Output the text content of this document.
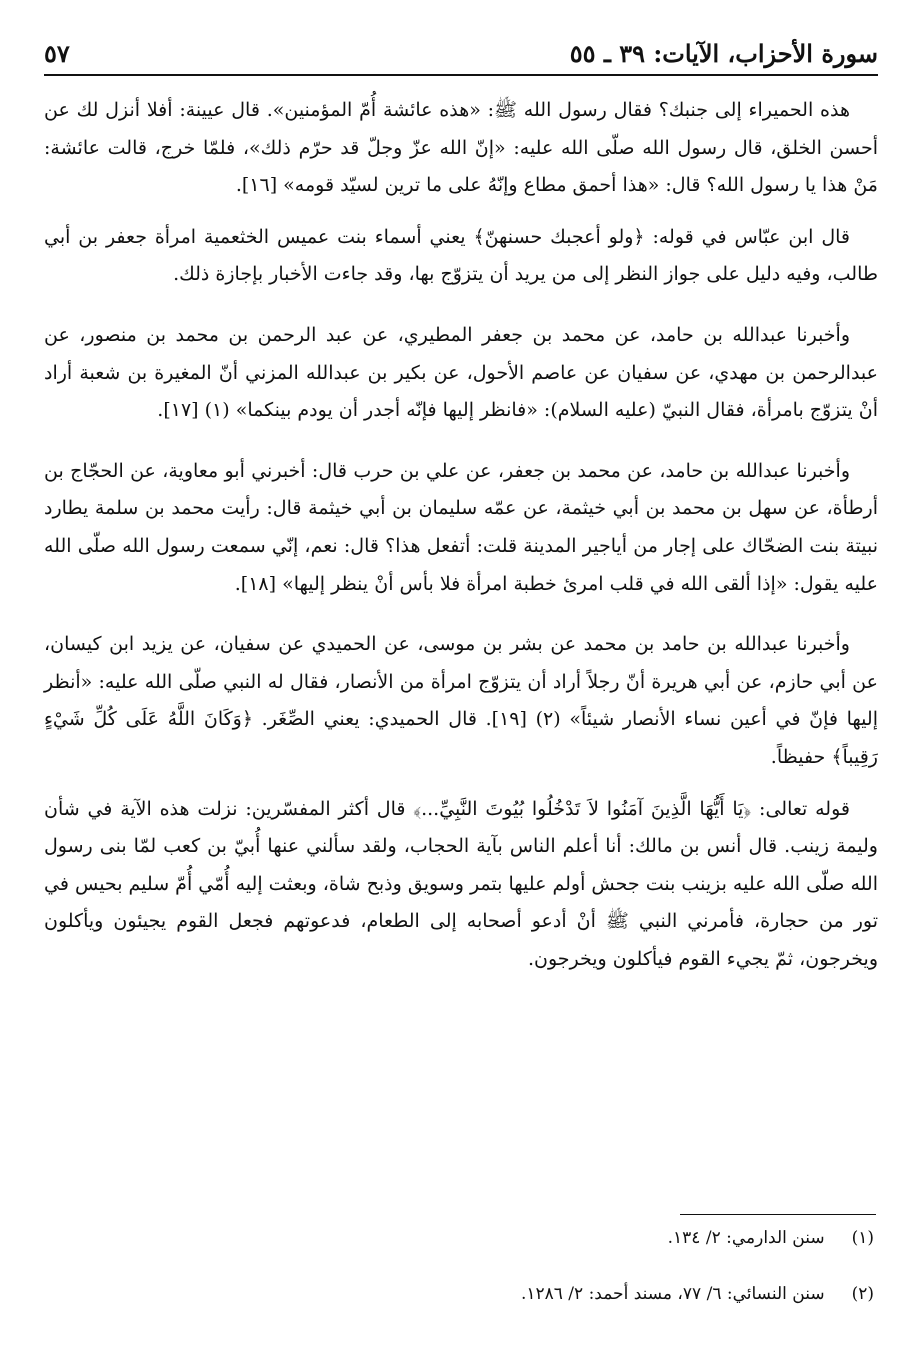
سورة الأحزاب، الآيات: ٣٩ ـ ٥٥
٥٧

هذه الحميراء إلى جنبك؟ فقال رسول الله ﷺ: «هذه عائشة أُمّ المؤمنين». قال عيينة: أفلا أنزل لك عن أحسن الخلق، قال رسول الله صلّى الله عليه: «إنّ الله عزّ وجلّ قد حرّم ذلك»، فلمّا خرج، قالت عائشة: مَنْ هذا يا رسول الله؟ قال: «هذا أحمق مطاع وإنّهُ على ما ترين لسيّد قومه» [١٦].

قال ابن عبّاس في قوله: ﴿ولو أعجبك حسنهنّ﴾ يعني أسماء بنت عميس الخثعمية امرأة جعفر بن أبي طالب، وفيه دليل على جواز النظر إلى من يريد أن يتزوّج بها، وقد جاءت الأخبار بإجازة ذلك.

وأخبرنا عبدالله بن حامد، عن محمد بن جعفر المطيري، عن عبد الرحمن بن محمد بن منصور، عن عبدالرحمن بن مهدي، عن سفيان عن عاصم الأحول، عن بكير بن عبدالله المزني أنّ المغيرة بن شعبة أراد أنْ يتزوّج بامرأة، فقال النبيّ (عليه السلام): «فانظر إليها فإنّه أجدر أن يودم بينكما» (١) [١٧].

وأخبرنا عبدالله بن حامد، عن محمد بن جعفر، عن علي بن حرب قال: أخبرني أبو معاوية، عن الحجّاج بن أرطأة، عن سهل بن محمد بن أبي خيثمة، عن عمّه سليمان بن أبي خيثمة قال: رأيت محمد بن سلمة يطارد نبيتة بنت الضحّاك على إجار من أياجير المدينة قلت: أتفعل هذا؟ قال: نعم، إنّي سمعت رسول الله صلّى الله عليه يقول: «إذا ألقى الله في قلب امرئ خطبة امرأة فلا بأس أنْ ينظر إليها» [١٨].

وأخبرنا عبدالله بن حامد بن محمد عن بشر بن موسى، عن الحميدي عن سفيان، عن يزيد ابن كيسان، عن أبي حازم، عن أبي هريرة أنّ رجلاً أراد أن يتزوّج امرأة من الأنصار، فقال له النبي صلّى الله عليه: «أنظر إليها فإنّ في أعين نساء الأنصار شيئاً» (٢) [١٩]. قال الحميدي: يعني الصِّغَر. ﴿وَكَانَ اللَّهُ عَلَى كُلِّ شَيْءٍ رَقِيباً﴾ حفيظاً.

قوله تعالى: ﴿يَا أَيُّهَا الَّذِينَ آمَنُوا لاَ تَدْخُلُوا بُيُوتَ النَّبِيِّ...﴾ قال أكثر المفسّرين: نزلت هذه الآية في شأن وليمة زينب. قال أنس بن مالك: أنا أعلم الناس بآية الحجاب، ولقد سألني عنها أُبيّ بن كعب لمّا بنى رسول الله صلّى الله عليه بزينب بنت جحش أولم عليها بتمر وسويق وذبح شاة، وبعثت إليه أُمّي أُمّ سليم بحيس في تور من حجارة، فأمرني النبي ﷺ أنْ أدعو أصحابه إلى الطعام، فدعوتهم فجعل القوم يجيئون ويأكلون ويخرجون، ثمّ يجيء القوم فيأكلون ويخرجون.

(١) سنن الدارمي: ٢/ ١٣٤.
(٢) سنن النسائي: ٦/ ٧٧، مسند أحمد: ٢/ ١٢٨٦.
